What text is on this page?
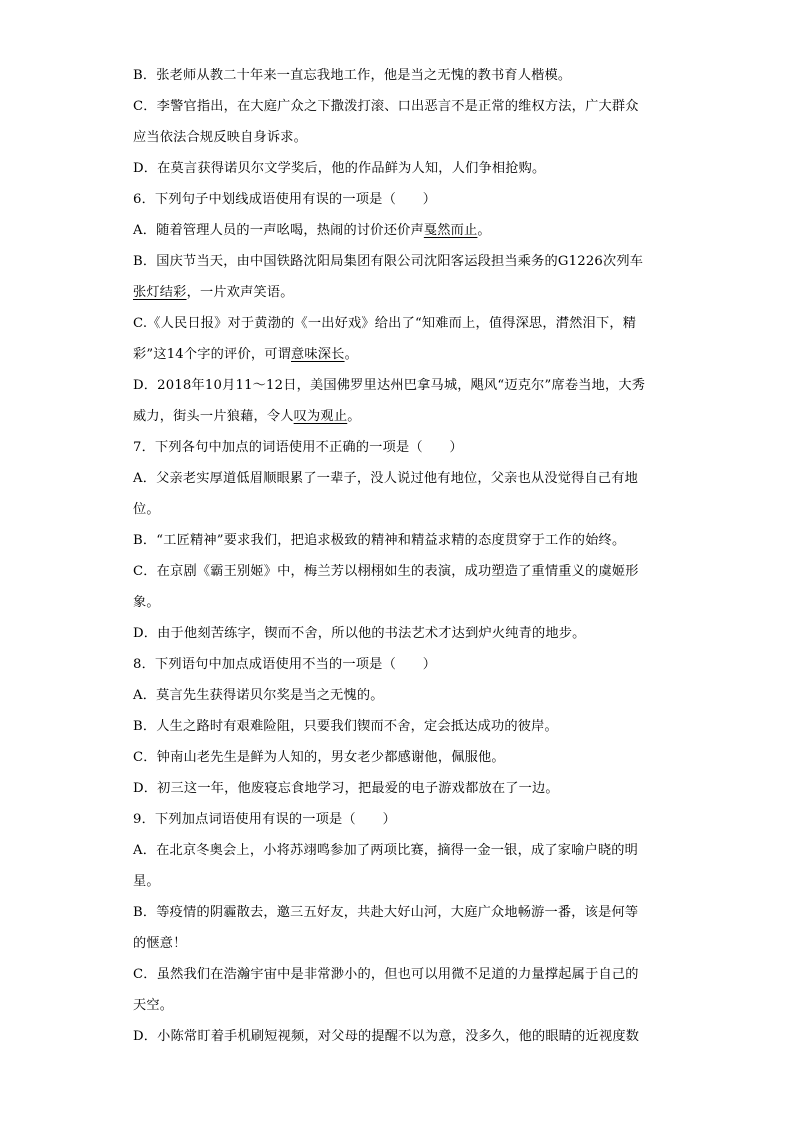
B．张老师从教二十年来一直忘我地工作，他是当之无愧的教书育人楷模。
C．李警官指出，在大庭广众之下撒泼打滚、口出恶言不是正常的维权方法，广大群众
应当依法合规反映自身诉求。
D．在莫言获得诺贝尔文学奖后，他的作品鲜为人知，人们争相抢购。
6．下列句子中划线成语使用有误的一项是（　　）
A．随着管理人员的一声吆喝，热闹的讨价还价声戛然而止。
B．国庆节当天，由中国铁路沈阳局集团有限公司沈阳客运段担当乘务的G1226次列车
张灯结彩，一片欢声笑语。
C.《人民日报》对于黄渤的《一出好戏》给出了“知难而上，值得深思，潸然泪下，精
彩”这14个字的评价，可谓意味深长。
D．2018年10月11～12日，美国佛罗里达州巴拿马城，飓风“迈克尔”席卷当地，大秀
威力，街头一片狼藉，令人叹为观止。
7．下列各句中加点的词语使用不正确的一项是（　　）
A．父亲老实厚道低眉顺眼累了一辈子，没人说过他有地位，父亲也从没觉得自己有地
位。
B．“工匠精神”要求我们，把追求极致的精神和精益求精的态度贯穿于工作的始终。
C．在京剧《霸王别姬》中，梅兰芳以栩栩如生的表演，成功塑造了重情重义的虞姬形
象。
D．由于他刻苦练字，锲而不舍，所以他的书法艺术才达到炉火纯青的地步。
8．下列语句中加点成语使用不当的一项是（　　）
A．莫言先生获得诺贝尔奖是当之无愧的。
B．人生之路时有艰难险阻，只要我们锲而不舍，定会抵达成功的彼岸。
C．钟南山老先生是鲜为人知的，男女老少都感谢他，佩服他。
D．初三这一年，他废寝忘食地学习，把最爱的电子游戏都放在了一边。
9．下列加点词语使用有误的一项是（　　）
A．在北京冬奥会上，小将苏翊鸣参加了两项比赛，摘得一金一银，成了家喻户晓的明
星。
B．等疫情的阴霾散去，邀三五好友，共赴大好山河，大庭广众地畅游一番，该是何等
的惬意！
C．虽然我们在浩瀚宇宙中是非常渺小的，但也可以用微不足道的力量撑起属于自己的
天空。
D．小陈常盯着手机刷短视频，对父母的提醒不以为意，没多久，他的眼睛的近视度数
